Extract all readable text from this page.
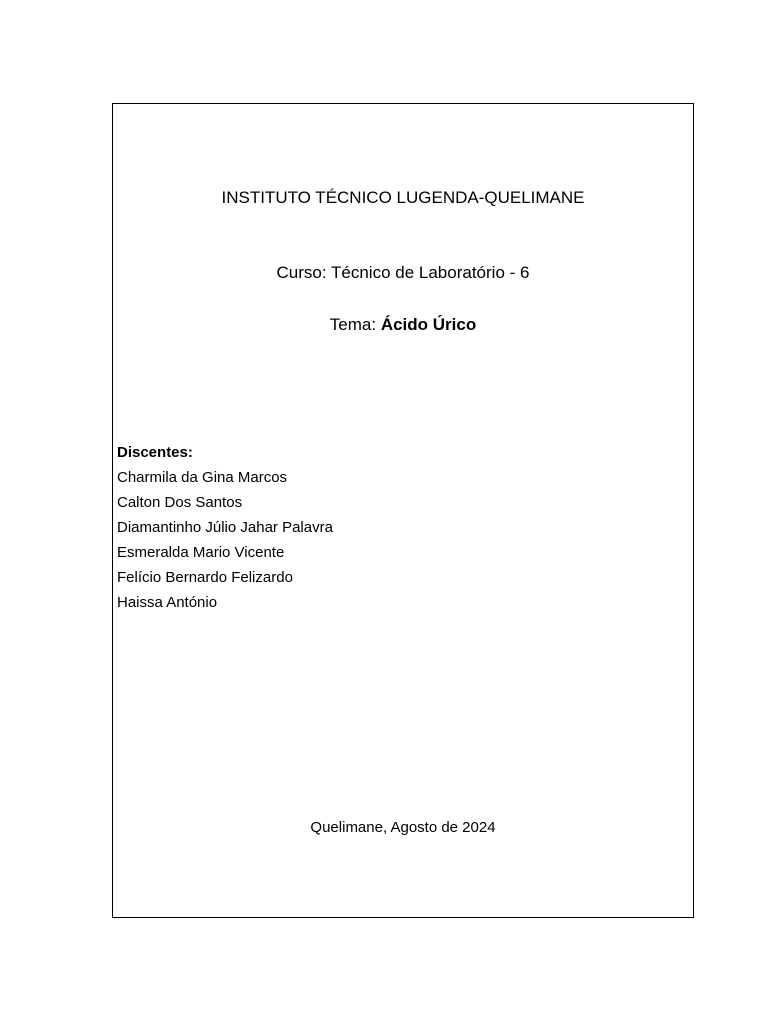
INSTITUTO TÉCNICO LUGENDA-QUELIMANE
Curso: Técnico de Laboratório - 6
Tema: Ácido Úrico
Discentes:
Charmila da Gina Marcos
Calton Dos Santos
Diamantinho Júlio Jahar Palavra
Esmeralda Mario Vicente
Felício Bernardo Felizardo
Haissa António
Quelimane, Agosto de 2024
